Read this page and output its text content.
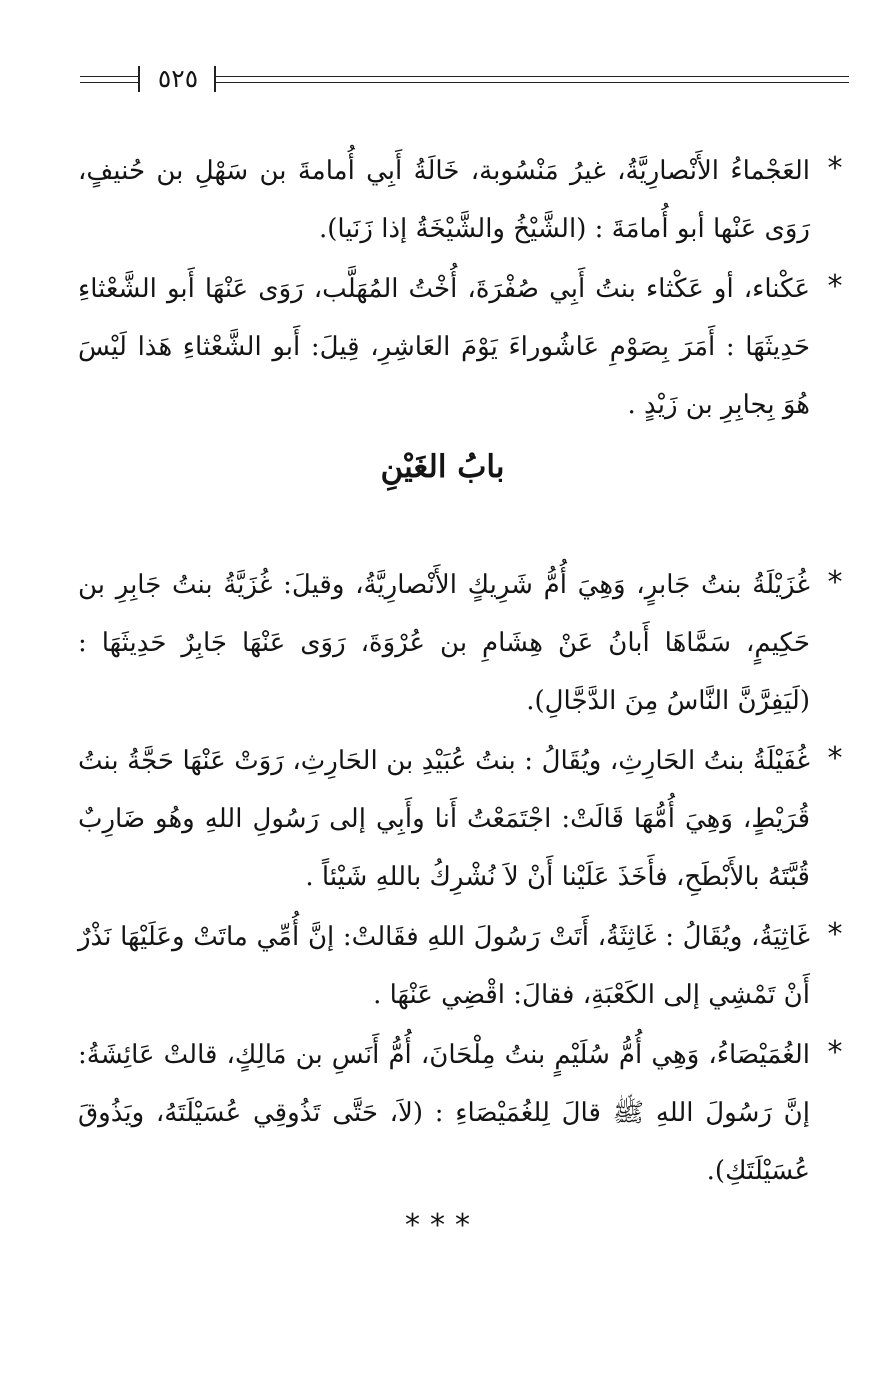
٥٢٥
*

العَجْماءُ الأَنْصارِيَّةُ، غيرُ مَنْسُوبة، خَالَةُ أَبِي أُمامةَ بن سَهْلِ بن حُنيفٍ، رَوَى عَنْها أبو أُمامَةَ : (الشَّيْخُ والشَّيْخَةُ إذا زَنَيا).

*

عَكْناء، أو عَكْثاء بنتُ أَبِي صُفْرَةَ، أُخْتُ المُهَلَّب، رَوَى عَنْهَا أَبو الشَّعْثاءِ حَدِيثَهَا : أَمَرَ بِصَوْمِ عَاشُوراءَ يَوْمَ العَاشِرِ، قِيلَ: أَبو الشَّعْثاءِ هَذا لَيْسَ هُوَ بِجابِرِ بن زَيْدٍ .

بابُ الغَيْنِ
*

غُزَيْلَةُ بنتُ جَابرٍ، وَهِيَ أُمُّ شَرِيكٍ الأَنْصارِيَّةُ، وقيلَ: غُزَيَّةُ بنتُ جَابِرِ بن حَكِيمٍ، سَمَّاهَا أَبانُ عَنْ هِشَامِ بن عُرْوَةَ، رَوَى عَنْهَا جَابِرٌ حَدِيثَهَا : (لَيَفِرَّنَّ النَّاسُ مِنَ الدَّجَّالِ).

*

غُفَيْلَةُ بنتُ الحَارِثِ، ويُقَالُ : بنتُ عُبَيْدِ بن الحَارِثِ، رَوَتْ عَنْهَا حَجَّةُ بنتُ قُرَيْطٍ، وَهِيَ أُمُّهَا قَالَتْ: اجْتَمَعْتُ أَنا وأَبِي إلى رَسُولِ اللهِ وهُو ضَارِبٌ قُبَّتَهُ بالأَبْطَحِ، فأَخَذَ عَلَيْنا أَنْ لاَ نُشْرِكُ باللهِ شَيْئاً .

*

غَاثِيَةُ، ويُقَالُ : غَاثِثَةُ، أَتَتْ رَسُولَ اللهِ فقَالتْ: إنَّ أُمِّي ماتَتْ وعَلَيْهَا نَذْرٌ أَنْ تَمْشِي إلى الكَعْبَةِ، فقالَ: اقْضِي عَنْهَا .

*

الغُمَيْصَاءُ، وَهِي أُمُّ سُلَيْمٍ بنتُ مِلْحَانَ، أُمُّ أَنَسِ بن مَالِكٍ، قالتْ عَائِشَةُ: إنَّ رَسُولَ اللهِ ﷺ قالَ لِلغُمَيْصَاءِ : (لاَ، حَتَّى تَذُوقِي عُسَيْلَتَهُ، ويَذُوقَ عُسَيْلَتَكِ).

***
